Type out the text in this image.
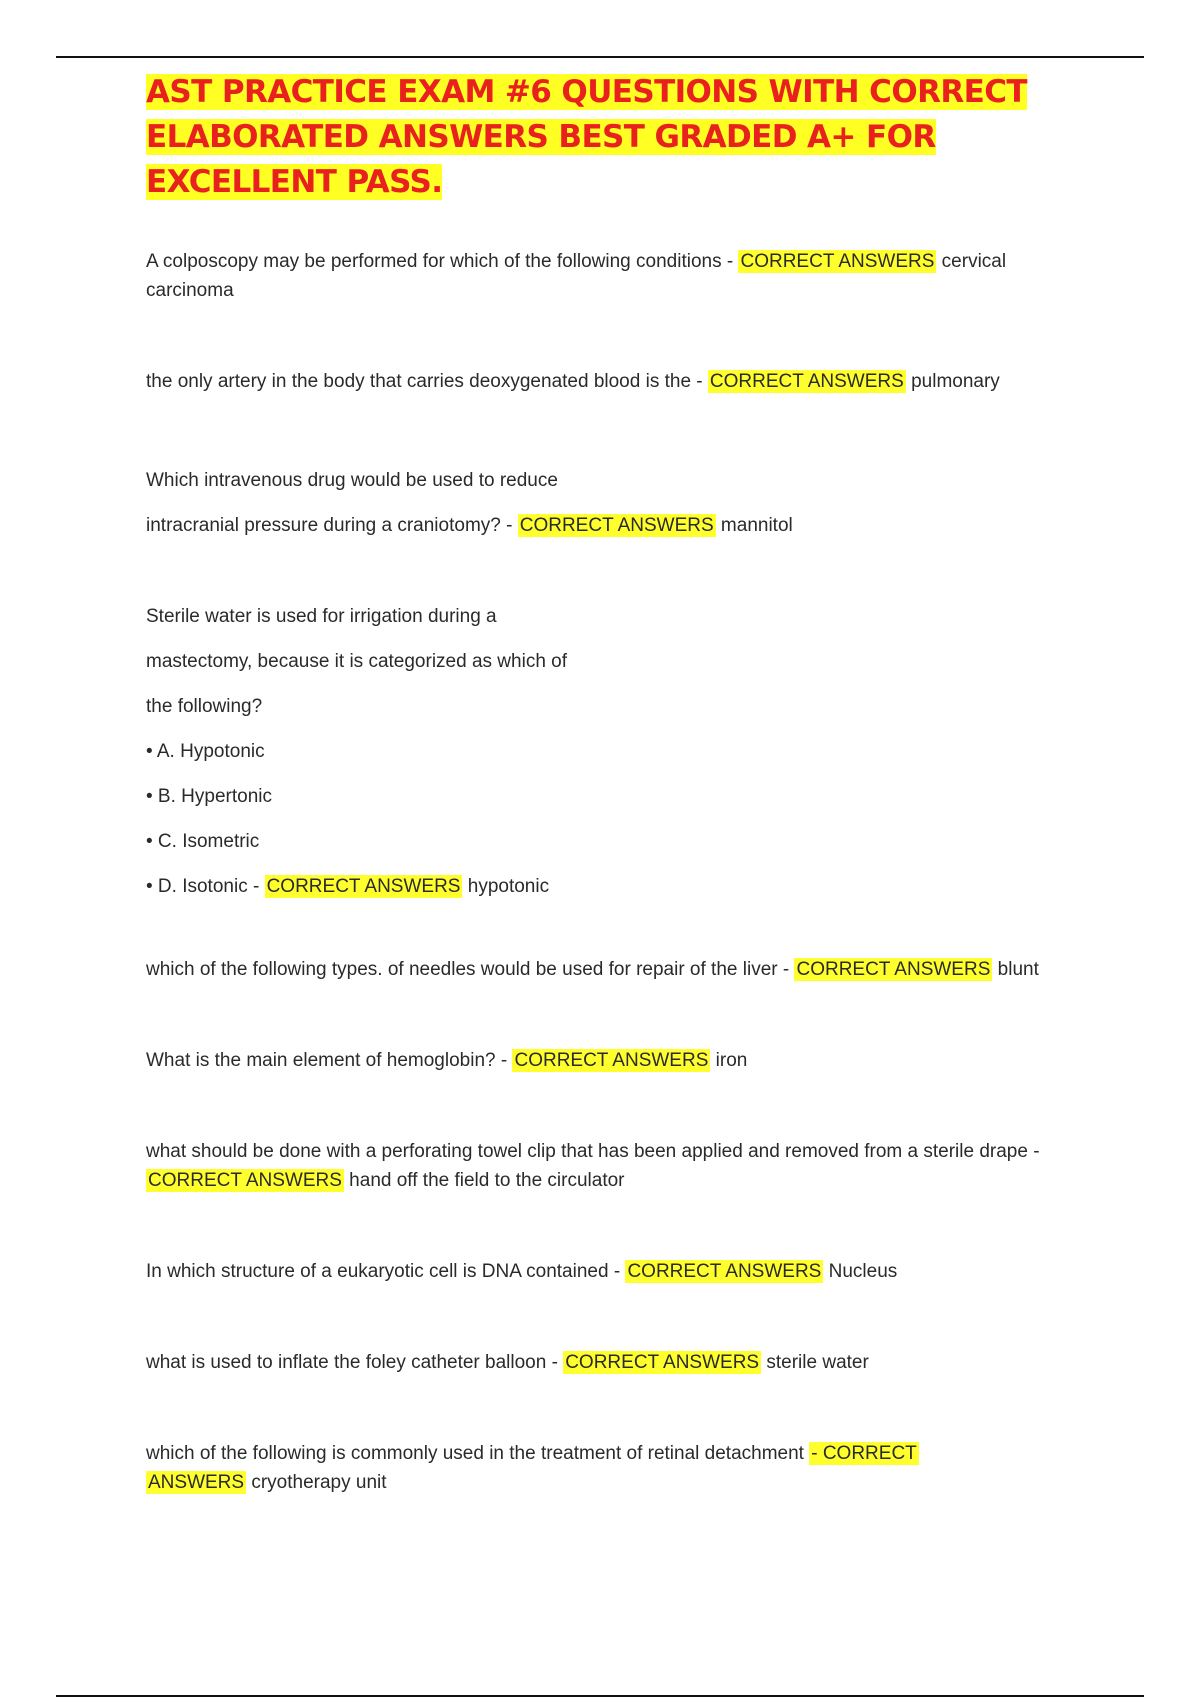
AST PRACTICE EXAM #6 QUESTIONS WITH CORRECT ELABORATED ANSWERS BEST GRADED A+ FOR EXCELLENT PASS.

A colposcopy may be performed for which of the following conditions - CORRECT ANSWERS cervical carcinoma

the only artery in the body that carries deoxygenated blood is the - CORRECT ANSWERS pulmonary

Which intravenous drug would be used to reduce

intracranial pressure during a craniotomy? - CORRECT ANSWERS mannitol

Sterile water is used for irrigation during a

mastectomy, because it is categorized as which of

the following?

• A. Hypotonic

• B. Hypertonic

• C. Isometric

• D. Isotonic - CORRECT ANSWERS hypotonic

which of the following types. of needles would be used for repair of the liver - CORRECT ANSWERS blunt

What is the main element of hemoglobin? - CORRECT ANSWERS iron

what should be done with a perforating towel clip that has been applied and removed from a sterile drape - CORRECT ANSWERS hand off the field to the circulator

In which structure of a eukaryotic cell is DNA contained - CORRECT ANSWERS Nucleus

what is used to inflate the foley catheter balloon - CORRECT ANSWERS sterile water

which of the following is commonly used in the treatment of retinal detachment - CORRECT
ANSWERS cryotherapy unit
